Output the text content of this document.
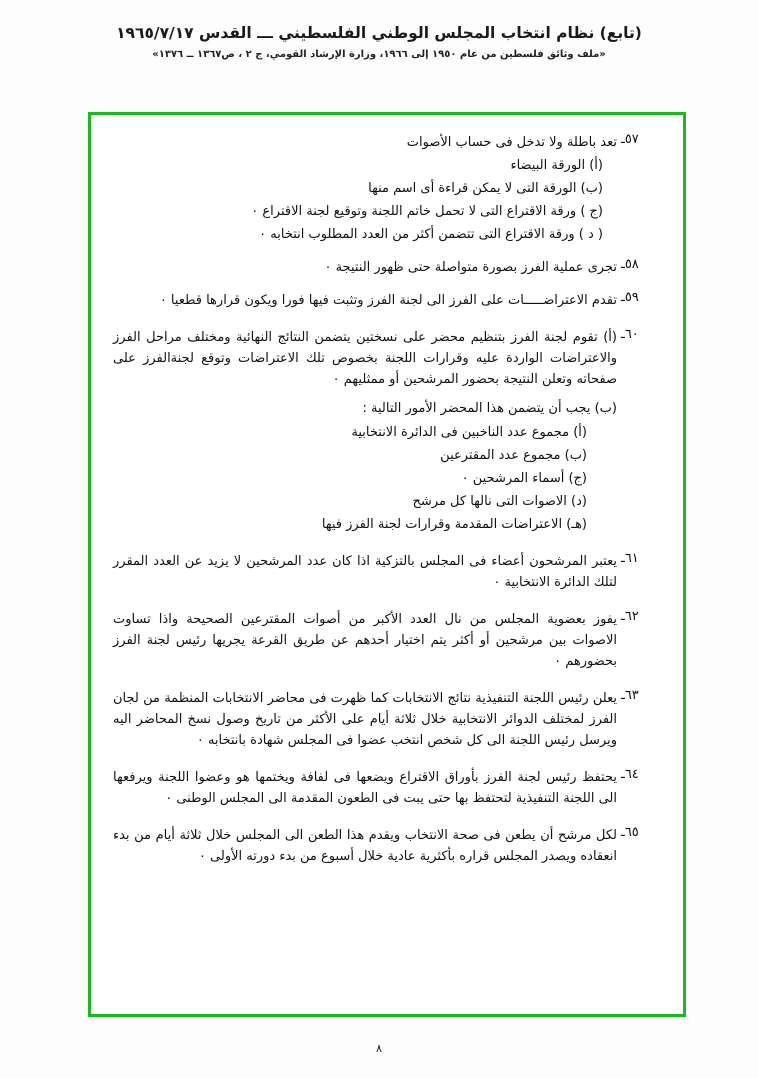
(تابع) نظام انتخاب المجلس الوطني الفلسطيني ـــ القدس ١٩٦٥/٧/١٧
«ملف وثائق فلسطين من عام ١٩٥٠ إلى ١٩٦٦، وزارة الإرشاد القومي، ج ٢ ، ص١٣٦٧ ــ ١٣٧٦»
٥٧ـ
تعد باطلة ولا تدخل فى حساب الأصوات
(أ) الورقة البيضاء
(ب) الورقة التى لا يمكن قراءة أى اسم منها
(ج ) ورقة الاقتراع التى لا تحمل خاتم اللجنة وتوقيع لجنة الاقتراع ٠
( د ) ورقة الاقتراع التى تتضمن أكثر من العدد المطلوب انتخابه ٠
٥٨ـ
تجرى عملية الفرز بصورة متواصلة حتى ظهور النتيجة ٠
٥٩ـ
تقدم الاعتراضـــــات على الفرز الى لجنة الفرز وتثبت فيها فورا ويكون قرارها قطعيا ٠
٦٠ـ
(أ) تقوم لجنة الفرز بتنظيم محضر على نسختين يتضمن النتائج النهائية ومختلف مراحل الفرز والاعتراضات الواردة عليه وقرارات اللجنة بخصوص تلك الاعتراضات وتوقع لجنةالفرز على صفحاته وتعلن النتيجة بحضور المرشحين أو ممثليهم ٠
(ب) يجب أن يتضمن هذا المحضر الأمور التالية :
(أ) مجموع عدد الناخبين فى الدائرة الانتخابية
(ب) مجموع عدد المقترعين
(ج) أسماء المرشحين ٠
(د) الاصوات التى نالها كل مرشح
(هـ) الاعتراضات المقدمة وقرارات لجنة الفرز فيها
٦١ـ
يعتبر المرشحون أعضاء فى المجلس بالتزكية اذا كان عدد المرشحين لا يزيد عن العدد المقرر لتلك الدائرة الانتخابية ٠
٦٢ـ
يفوز بعضوية المجلس من نال العدد الأكبر من أصوات المقترعين الصحيحة واذا تساوت الاصوات بين مرشحين أو أكثر يتم اختيار أحدهم عن طريق القرعة يجريها رئيس لجنة الفرز بحضورهم ٠
٦٣ـ
يعلن رئيس اللجنة التنفيذية نتائج الانتخابات كما ظهرت فى محاضر الانتخابات المنظمة من لجان الفرز لمختلف الدوائر الانتخابية خلال ثلاثة أيام على الأكثر من تاريخ وصول نسخ المحاضر اليه ويرسل رئيس اللجنة الى كل شخص انتخب عضوا فى المجلس شهادة بانتخابه ٠
٦٤ـ
يحتفظ رئيس لجنة الفرز بأوراق الاقتراع ويضعها فى لفافة ويختمها هو وعضوا اللجنة ويرفعها الى اللجنة التنفيذية لتحتفظ بها حتى يبت فى الطعون المقدمة الى المجلس الوطنى ٠
٦٥ـ
لكل مرشح أن يطعن فى صحة الانتخاب ويقدم هذا الطعن الى المجلس خلال ثلاثة أيام من بدء انعقاده ويصدر المجلس قراره بأكثرية عادية خلال أسبوع من بدء دورته الأولى ٠
٨
